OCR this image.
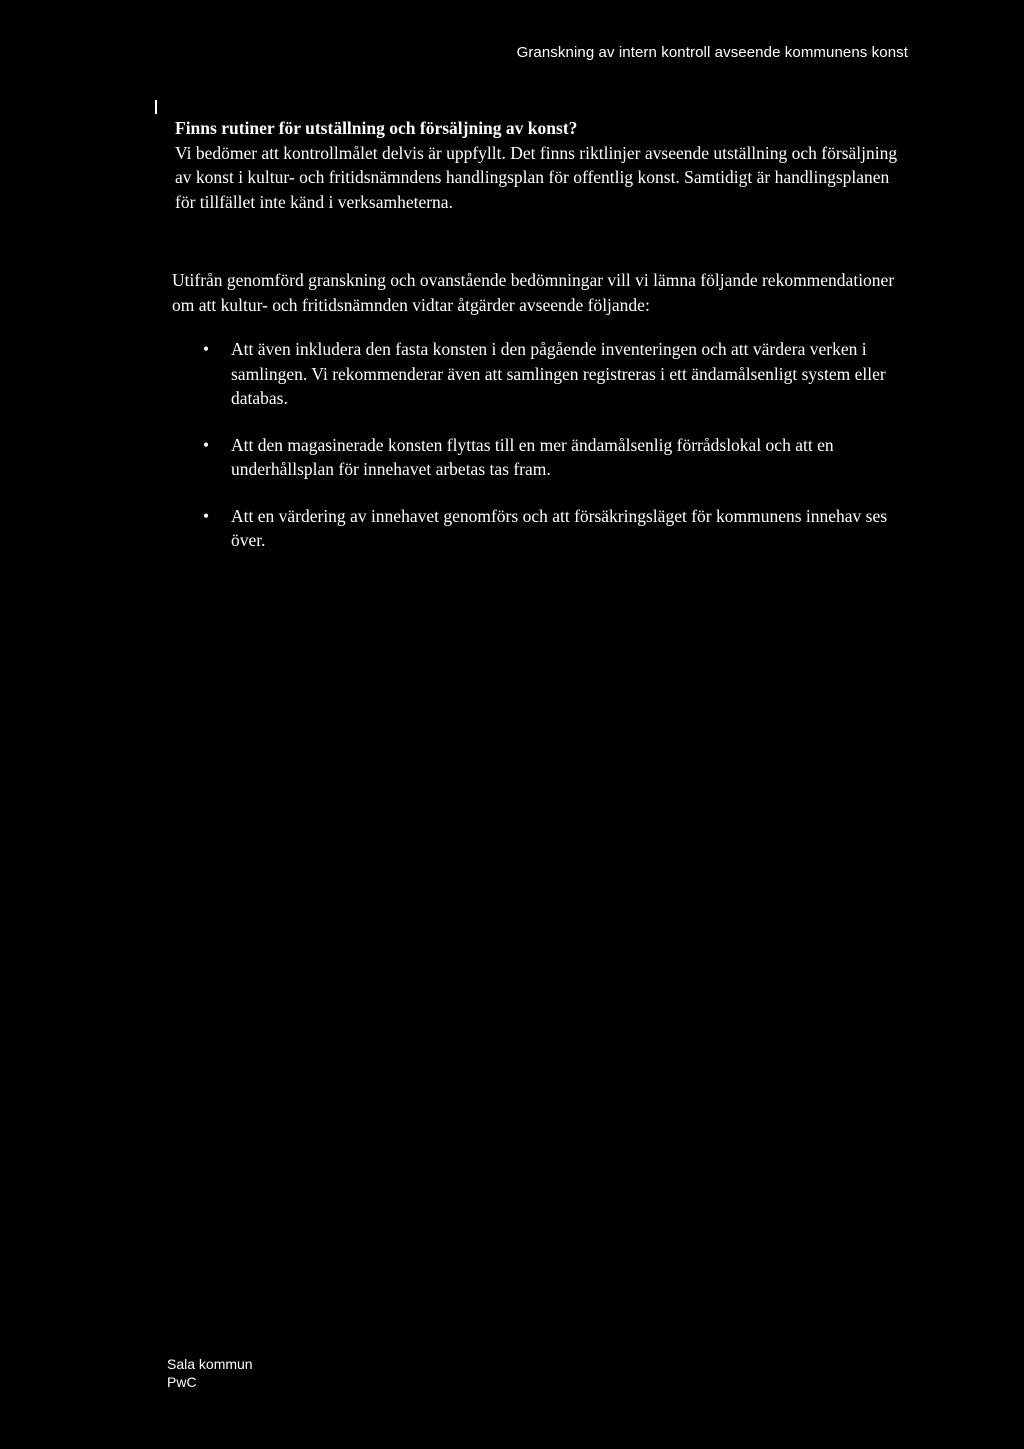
Granskning av intern kontroll avseende kommunens konst

Finns rutiner för utställning och försäljning av konst?

Vi bedömer att kontrollmålet delvis är uppfyllt. Det finns riktlinjer avseende utställning och försäljning av konst i kultur- och fritidsnämndens handlingsplan för offentlig konst. Samtidigt är handlingsplanen för tillfället inte känd i verksamheterna.

Utifrån genomförd granskning och ovanstående bedömningar vill vi lämna följande rekommendationer om att kultur- och fritidsnämnden vidtar åtgärder avseende följande:

• Att även inkludera den fasta konsten i den pågående inventeringen och att värdera verken i samlingen. Vi rekommenderar även att samlingen registreras i ett ändamålsenligt system eller databas.
• Att den magasinerade konsten flyttas till en mer ändamålsenlig förrådslokal och att en underhållsplan för innehavet arbetas tas fram.
• Att en värdering av innehavet genomförs och att försäkringsläget för kommunens innehav ses över.
Sala kommun
PwC
